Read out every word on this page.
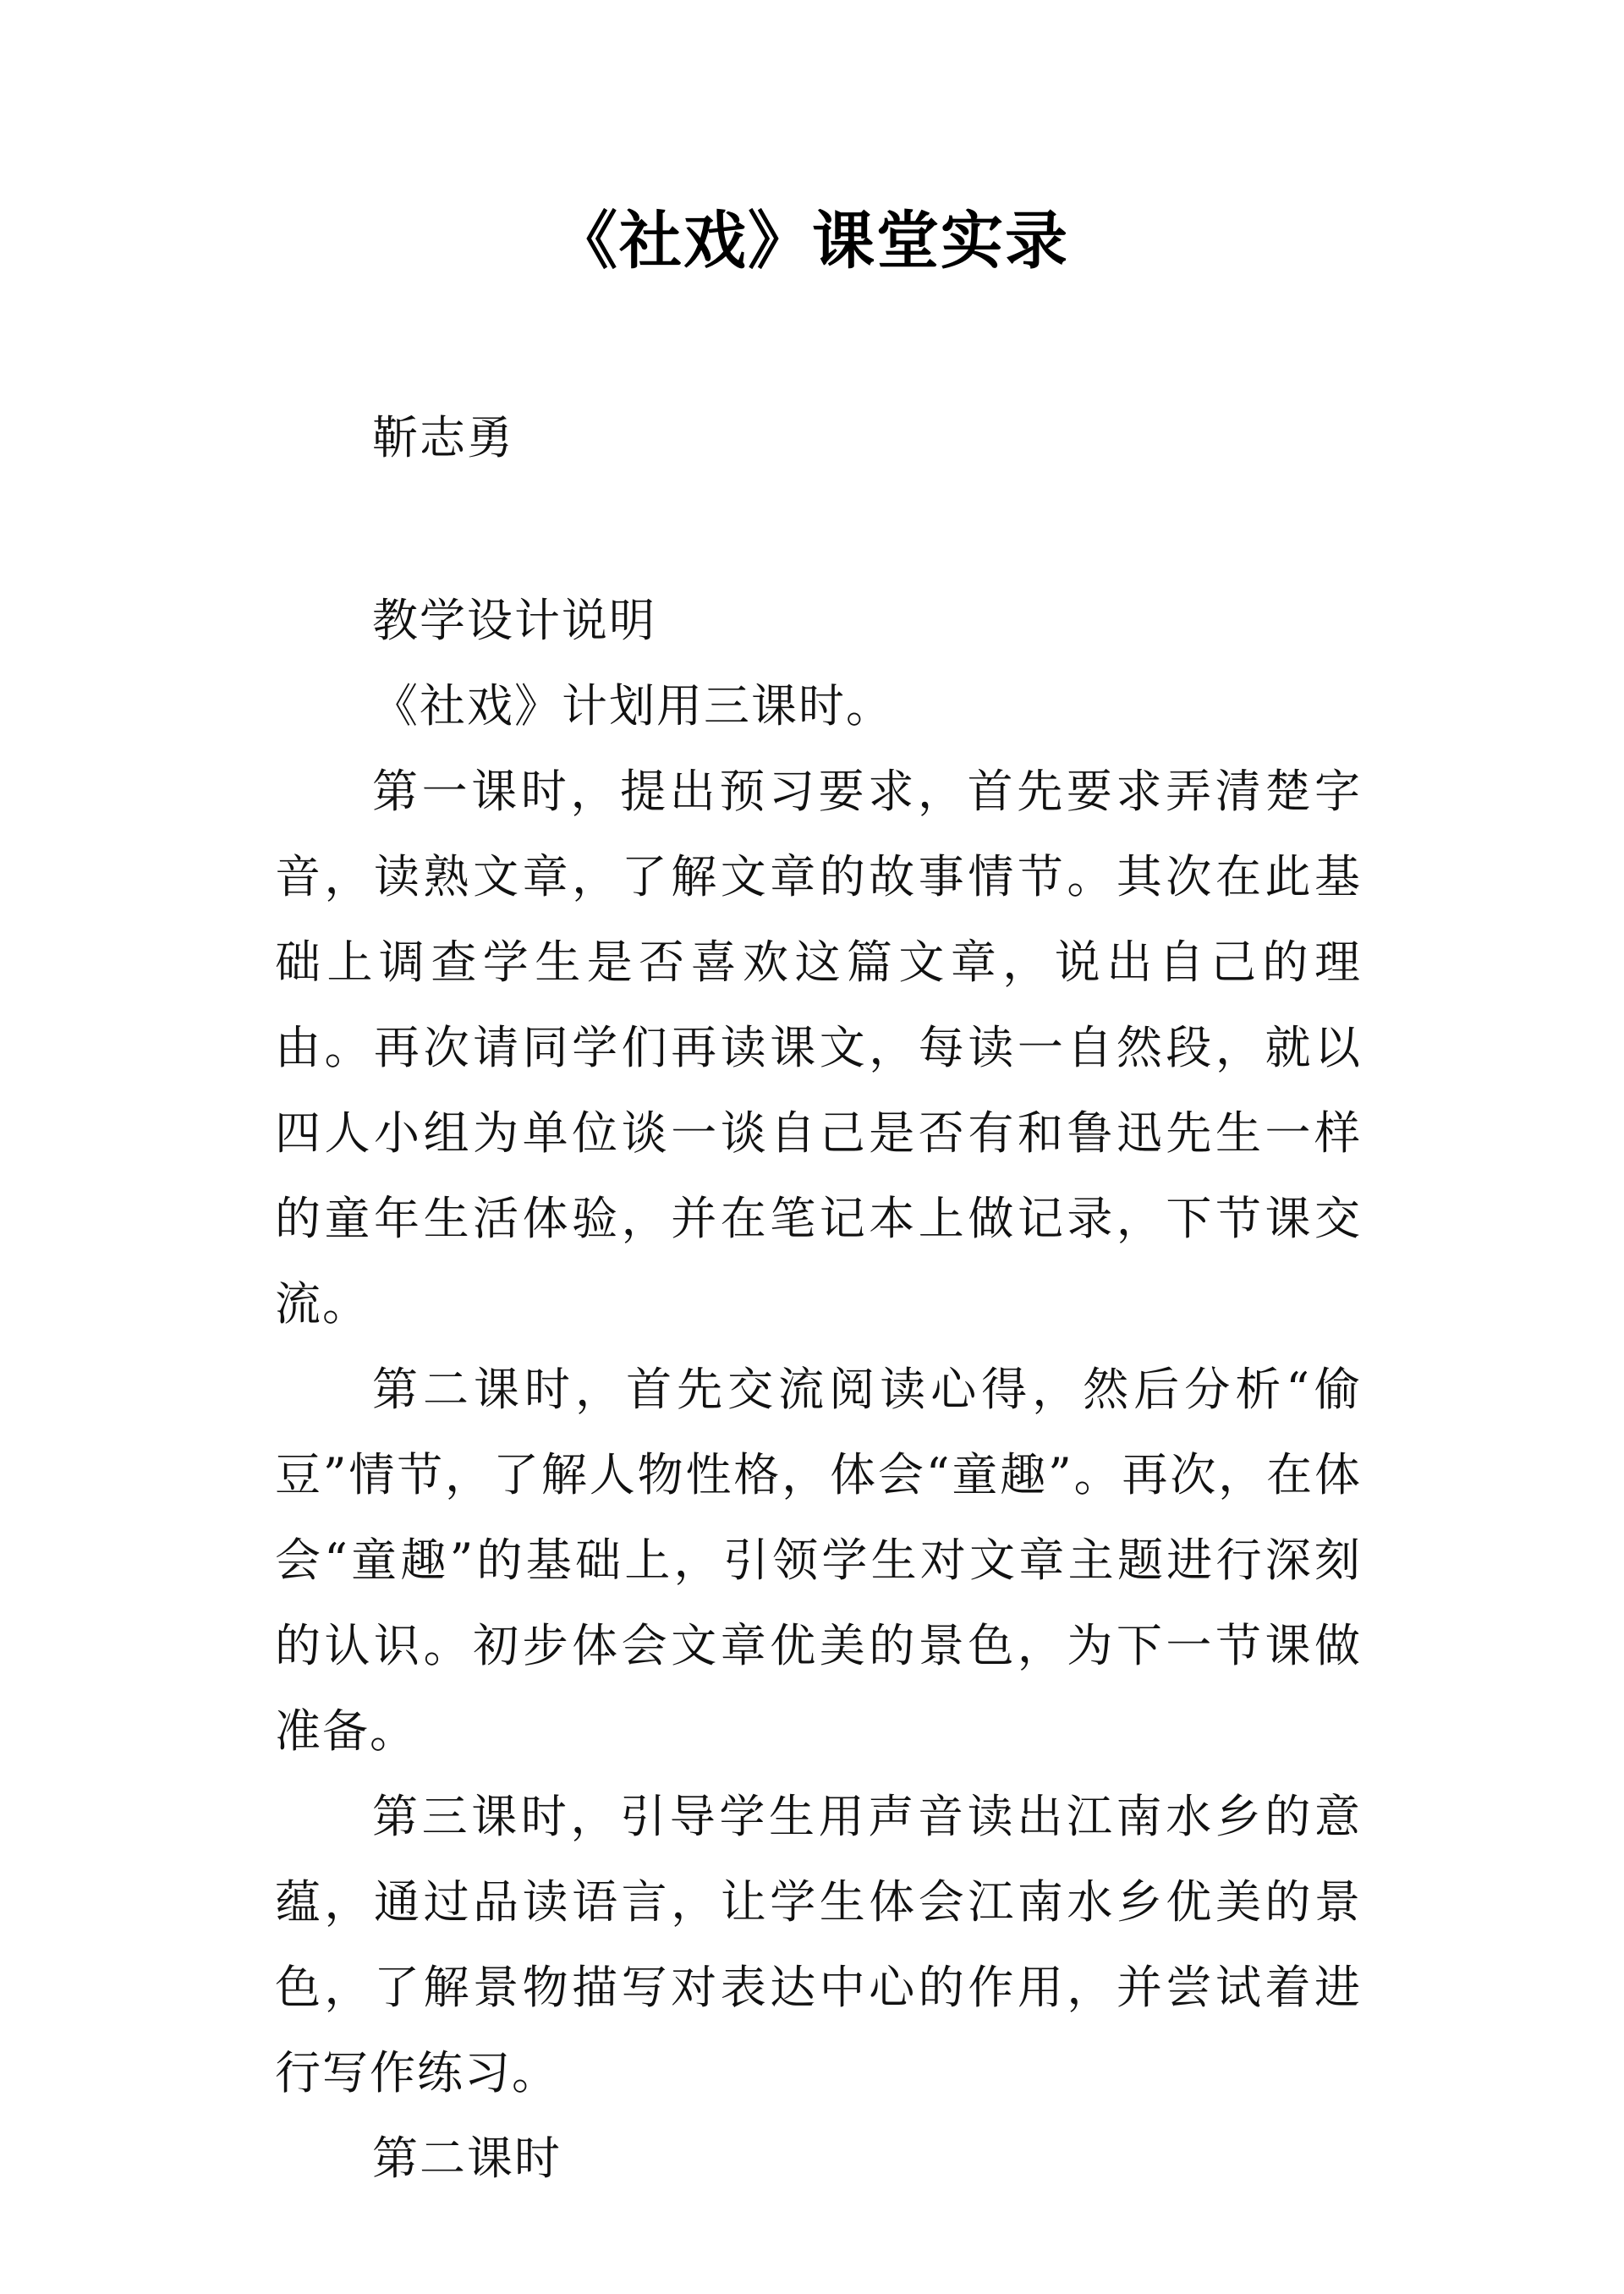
《社戏》课堂实录
靳志勇

教学设计说明

《社戏》计划用三课时。

第一课时，提出预习要求，首先要求弄清楚字音，读熟文章，了解文章的故事情节。其次在此基础上调查学生是否喜欢这篇文章，说出自己的理由。再次请同学们再读课文，每读一自然段，就以四人小组为单位谈一谈自己是否有和鲁迅先生一样的童年生活体验，并在笔记本上做记录，下节课交流。

第二课时，首先交流阅读心得，然后分析“偷豆”情节，了解人物性格，体会“童趣”。再次，在体会“童趣”的基础上，引领学生对文章主题进行深刻的认识。初步体会文章优美的景色，为下一节课做准备。

第三课时，引导学生用声音读出江南水乡的意蕴，通过品读语言，让学生体会江南水乡优美的景色，了解景物描写对表达中心的作用，并尝试着进行写作练习。

第二课时
